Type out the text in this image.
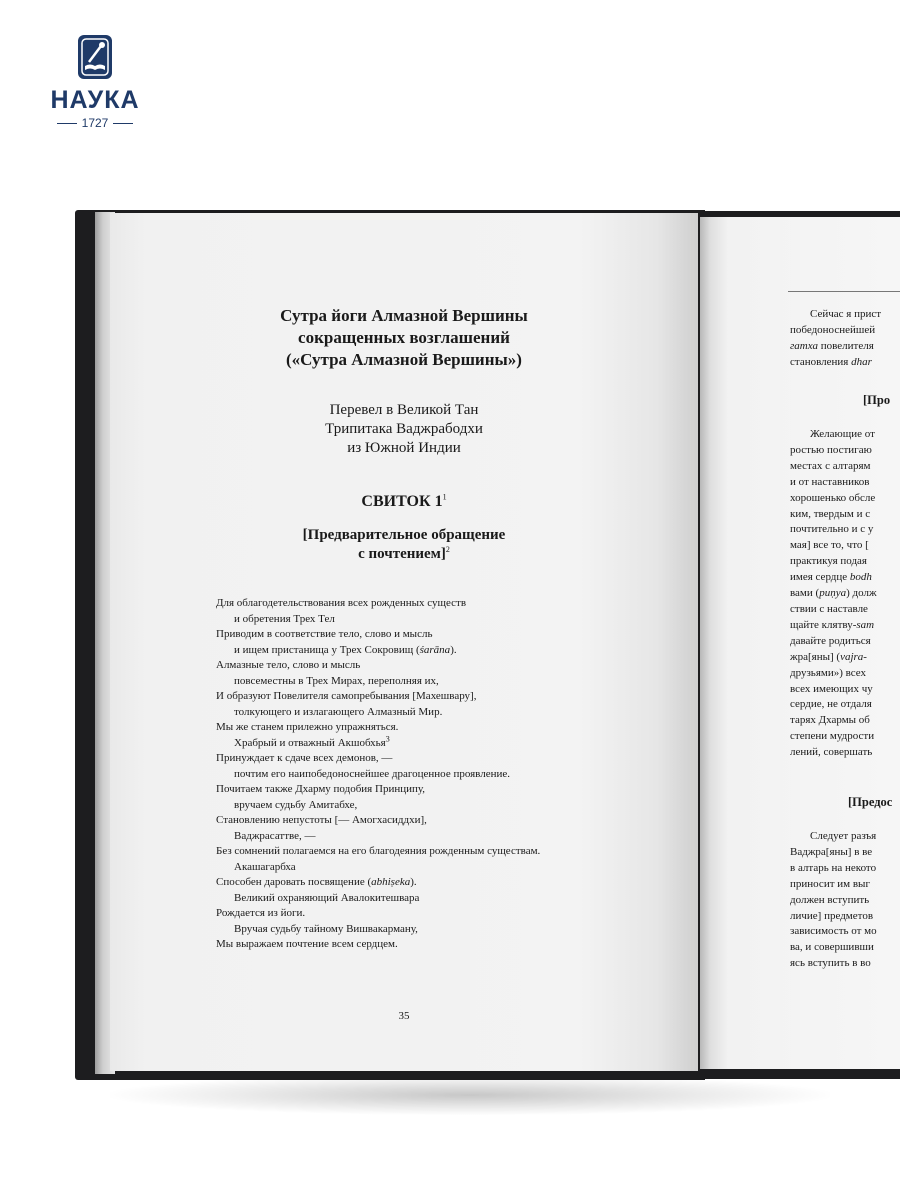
НАУКА
1727
Сутра йоги Алмазной Вершины
сокращенных возглашений
(«Сутра Алмазной Вершины»)
Перевел в Великой Тан
Трипитака Ваджрабодхи
из Южной Индии
СВИТОК $1^1$
[Предварительное обращение
с почтением]$^2$
Для облагодетельствования всех рожденных существ
и обретения Трех Тел
Приводим в соответствие тело, слово и мысль
и ищем пристанища у Трех Сокровищ (śarāna).
Алмазные тело, слово и мысль
повсеместны в Трех Мирах, переполняя их,
И образуют Повелителя самопребывания [Махешвару],
толкующего и излагающего Алмазный Мир.
Мы же станем прилежно упражняться.
Храбрый и отважный Акшобхья$^3$
Принуждает к сдаче всех демонов, —
почтим его наипобедоноснейшее драгоценное проявление.
Почитаем также Дхарму подобия Принципу,
вручаем судьбу Амитабхе,
Становлению непустоты [— Амогхасиддхи],
Ваджрасаттве, —
Без сомнений полагаемся на его благодеяния рожденным существам.
Акашагарбха
Способен даровать посвящение (abhiṣeka).
Великий охраняющий Авалокитешвара
Рождается из йоги.
Вручая судьбу тайному Вишвакарману,
Мы выражаем почтение всем сердцем.
35
Сейчас я прист
победоноснейшей
гатха повелителя
становления dhar
[Про
Желающие от
ростью постигаю
местах с алтарям
и от наставников
хорошенько обсле
ким, твердым и с
почтительно и с у
мая] все то, что [
практикуя подая
имея сердце bodh
вами (puṇya) долж
ствии с наставле
щайте клятву-sam
давайте родиться
жра[яны] (vajra-
друзьями») всех
всех имеющих чу
сердие, не отдаля
тарях Дхармы об
степени мудрости
лений, совершать
[Предос
Следует разъя
Ваджра[яны] в ве
в алтарь на некото
приносит им выг
должен вступить
личие] предметов
зависимость от мо
ва, и совершивши
ясь вступить в во
